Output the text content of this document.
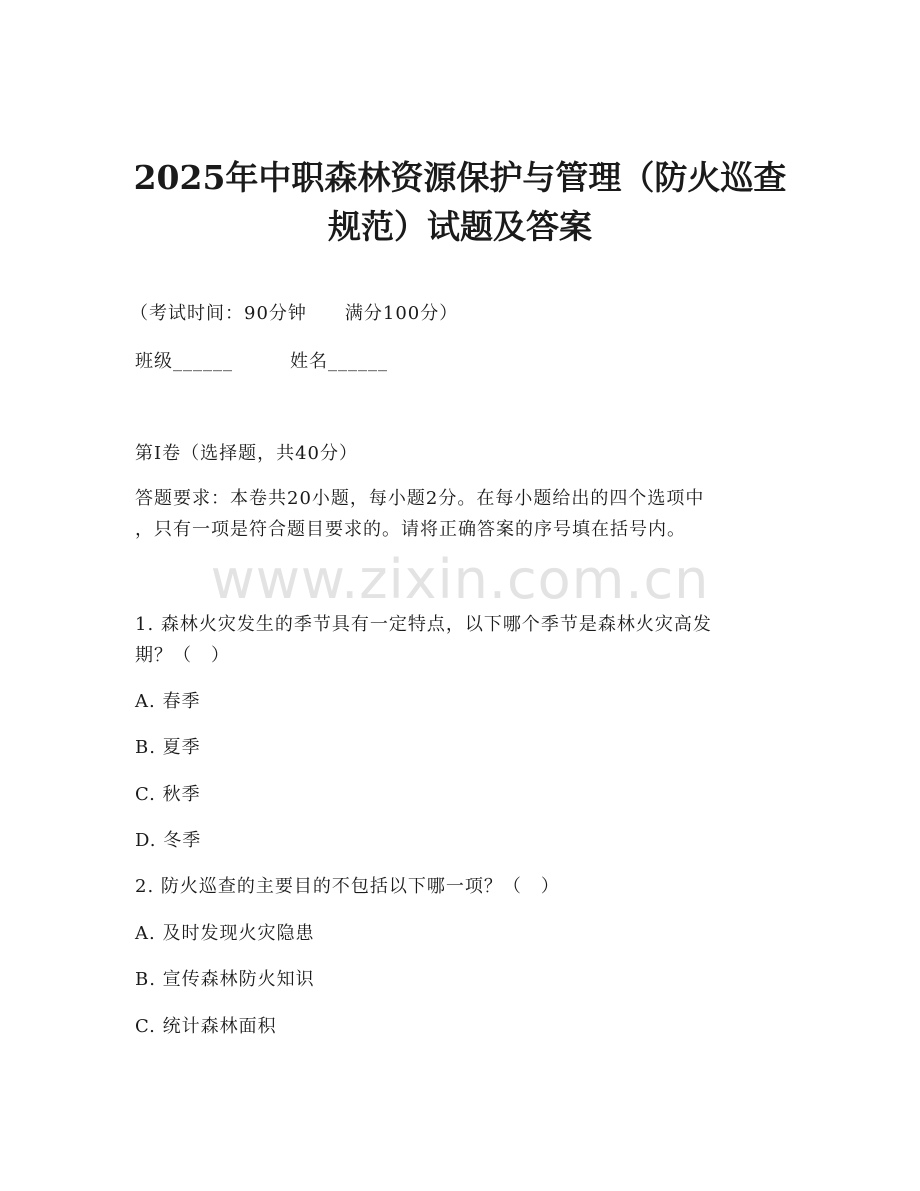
2025年中职森林资源保护与管理（防火巡查
规范）试题及答案
（考试时间：90分钟　　满分100分）
班级______　　　姓名______
第I卷（选择题，共40分）
答题要求：本卷共20小题，每小题2分。在每小题给出的四个选项中
，只有一项是符合题目要求的。请将正确答案的序号填在括号内。
www.zixin.com.cn
1. 森林火灾发生的季节具有一定特点，以下哪个季节是森林火灾高发
期？（　）
A. 春季
B. 夏季
C. 秋季
D. 冬季
2. 防火巡查的主要目的不包括以下哪一项？（　）
A. 及时发现火灾隐患
B. 宣传森林防火知识
C. 统计森林面积
